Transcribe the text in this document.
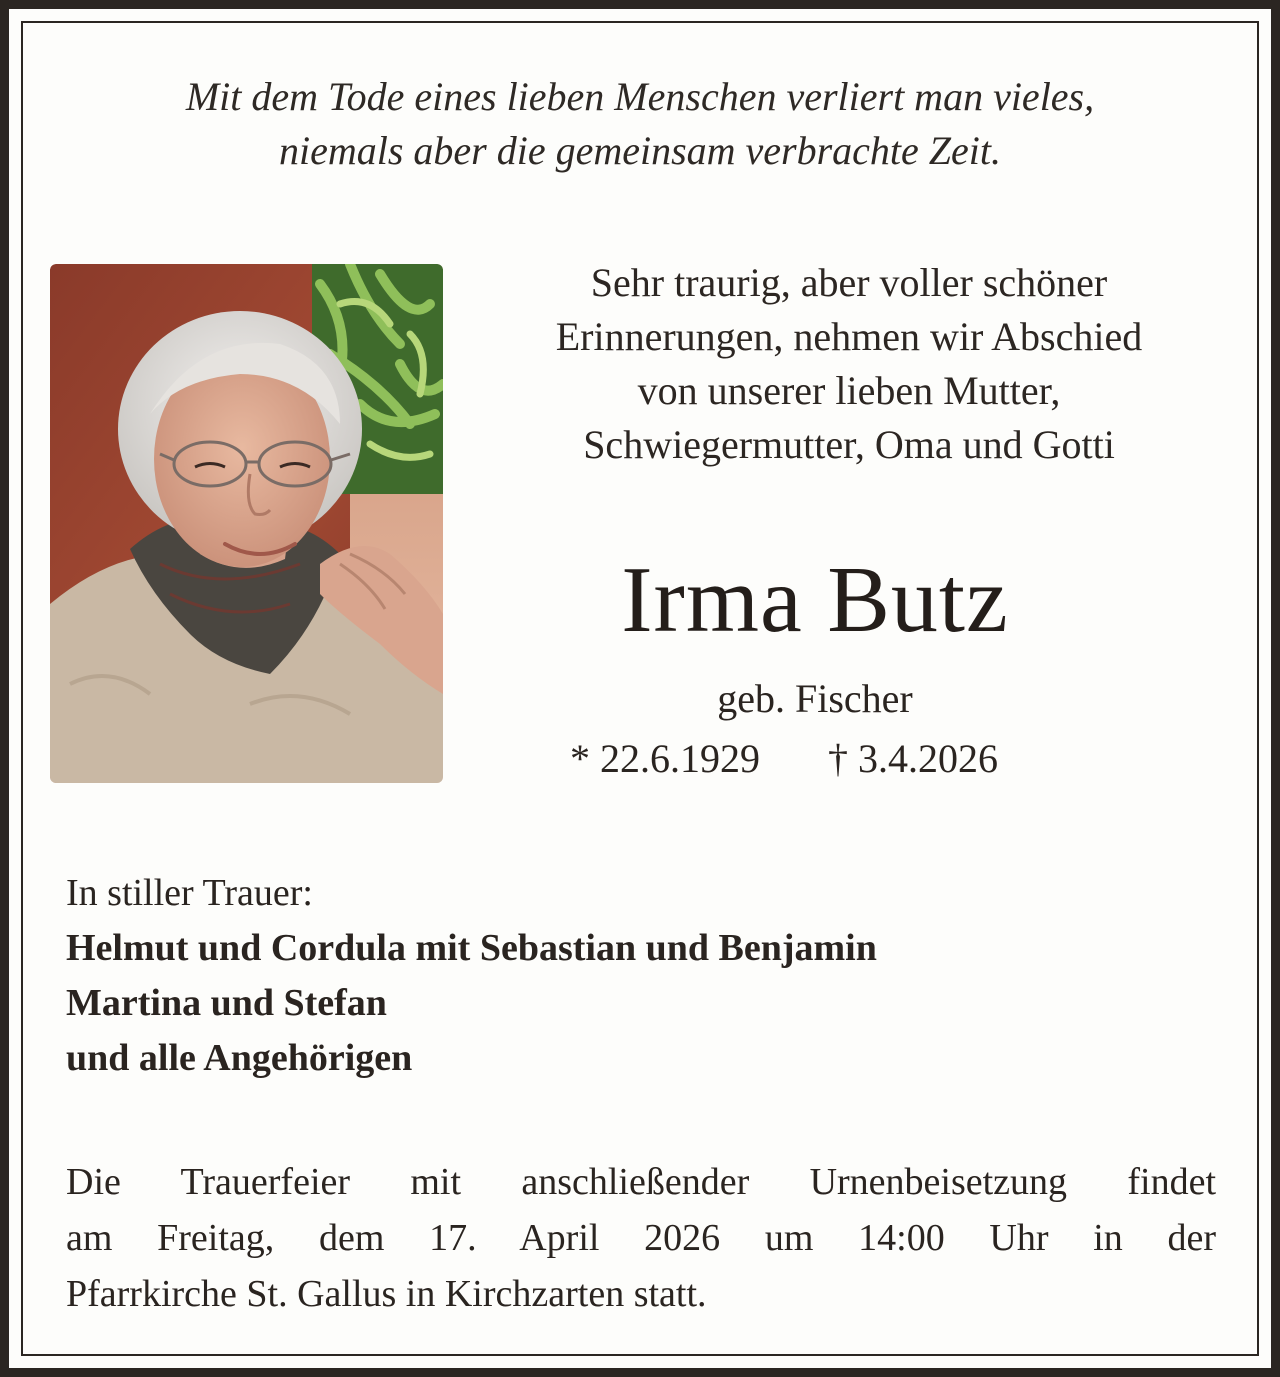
Mit dem Tode eines lieben Menschen verliert man vieles,
niemals aber die gemeinsam verbrachte Zeit.
Sehr traurig, aber voller schöner
Erinnerungen, nehmen wir Abschied
von unserer lieben Mutter,
Schwiegermutter, Oma und Gotti
Irma Butz
geb. Fischer
* 22.6.1929 † 3.4.2026
In stiller Trauer:
Helmut und Cordula mit Sebastian und Benjamin
Martina und Stefan
und alle Angehörigen
Die Trauerfeier mit anschließender Urnenbeisetzung findet
am Freitag, dem 17. April 2026 um 14:00 Uhr in der
Pfarrkirche St. Gallus in Kirchzarten statt.
